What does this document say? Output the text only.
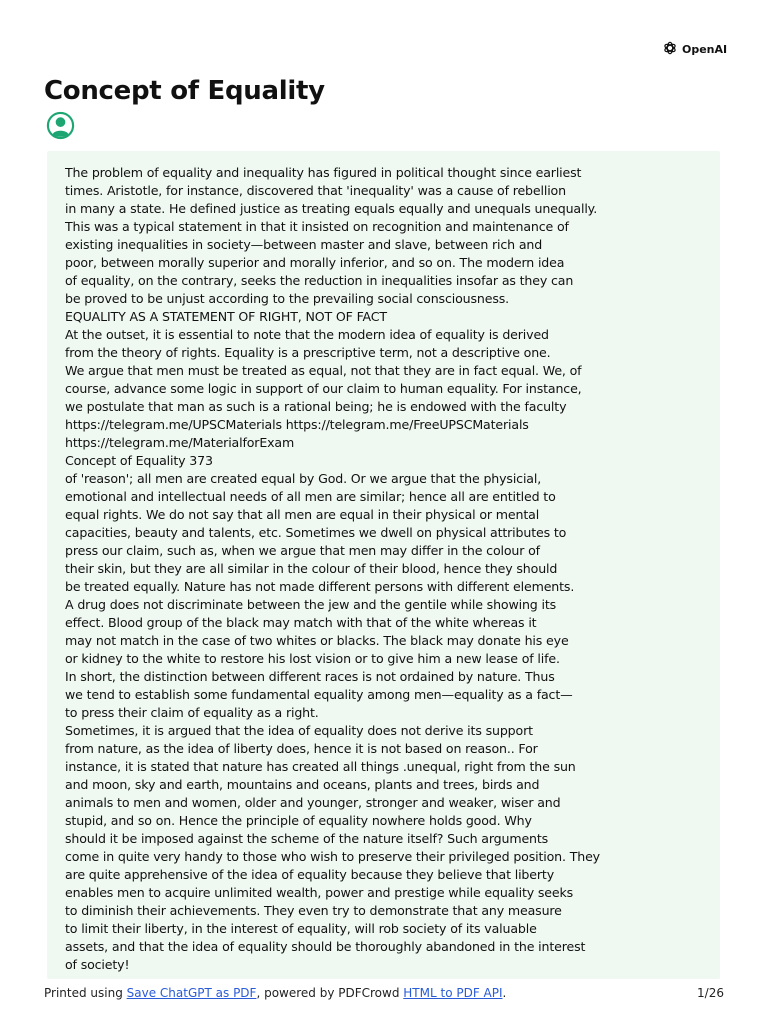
OpenAI
Concept of Equality
The problem of equality and inequality has figured in political thought since earliest
times. Aristotle, for instance, discovered that 'inequality' was a cause of rebellion
in many a state. He defined justice as treating equals equally and unequals unequally.
This was a typical statement in that it insisted on recognition and maintenance of
existing inequalities in society—between master and slave, between rich and
poor, between morally superior and morally inferior, and so on. The modern idea
of equality, on the contrary, seeks the reduction in inequalities insofar as they can
be proved to be unjust according to the prevailing social consciousness.
EQUALITY AS A STATEMENT OF RIGHT, NOT OF FACT
At the outset, it is essential to note that the modern idea of equality is derived
from the theory of rights. Equality is a prescriptive term, not a descriptive one.
We argue that men must be treated as equal, not that they are in fact equal. We, of
course, advance some logic in support of our claim to human equality. For instance,
we postulate that man as such is a rational being; he is endowed with the faculty
https://telegram.me/UPSCMaterials https://telegram.me/FreeUPSCMaterials
https://telegram.me/MaterialforExam
Concept of Equality 373
of 'reason'; all men are created equal by God. Or we argue that the physicial,
emotional and intellectual needs of all men are similar; hence all are entitled to
equal rights. We do not say that all men are equal in their physical or mental
capacities, beauty and talents, etc. Sometimes we dwell on physical attributes to
press our claim, such as, when we argue that men may differ in the colour of
their skin, but they are all similar in the colour of their blood, hence they should
be treated equally. Nature has not made different persons with different elements.
A drug does not discriminate between the jew and the gentile while showing its
effect. Blood group of the black may match with that of the white whereas it
may not match in the case of two whites or blacks. The black may donate his eye
or kidney to the white to restore his lost vision or to give him a new lease of life.
In short, the distinction between different races is not ordained by nature. Thus
we tend to establish some fundamental equality among men—equality as a fact—
to press their claim of equality as a right.
Sometimes, it is argued that the idea of equality does not derive its support
from nature, as the idea of liberty does, hence it is not based on reason.. For
instance, it is stated that nature has created all things .unequal, right from the sun
and moon, sky and earth, mountains and oceans, plants and trees, birds and
animals to men and women, older and younger, stronger and weaker, wiser and
stupid, and so on. Hence the principle of equality nowhere holds good. Why
should it be imposed against the scheme of the nature itself? Such arguments
come in quite very handy to those who wish to preserve their privileged position. They
are quite apprehensive of the idea of equality because they believe that liberty
enables men to acquire unlimited wealth, power and prestige while equality seeks
to diminish their achievements. They even try to demonstrate that any measure
to limit their liberty, in the interest of equality, will rob society of its valuable
assets, and that the idea of equality should be thoroughly abandoned in the interest
of society!
Printed using Save ChatGPT as PDF, powered by PDFCrowd HTML to PDF API.	1/26
